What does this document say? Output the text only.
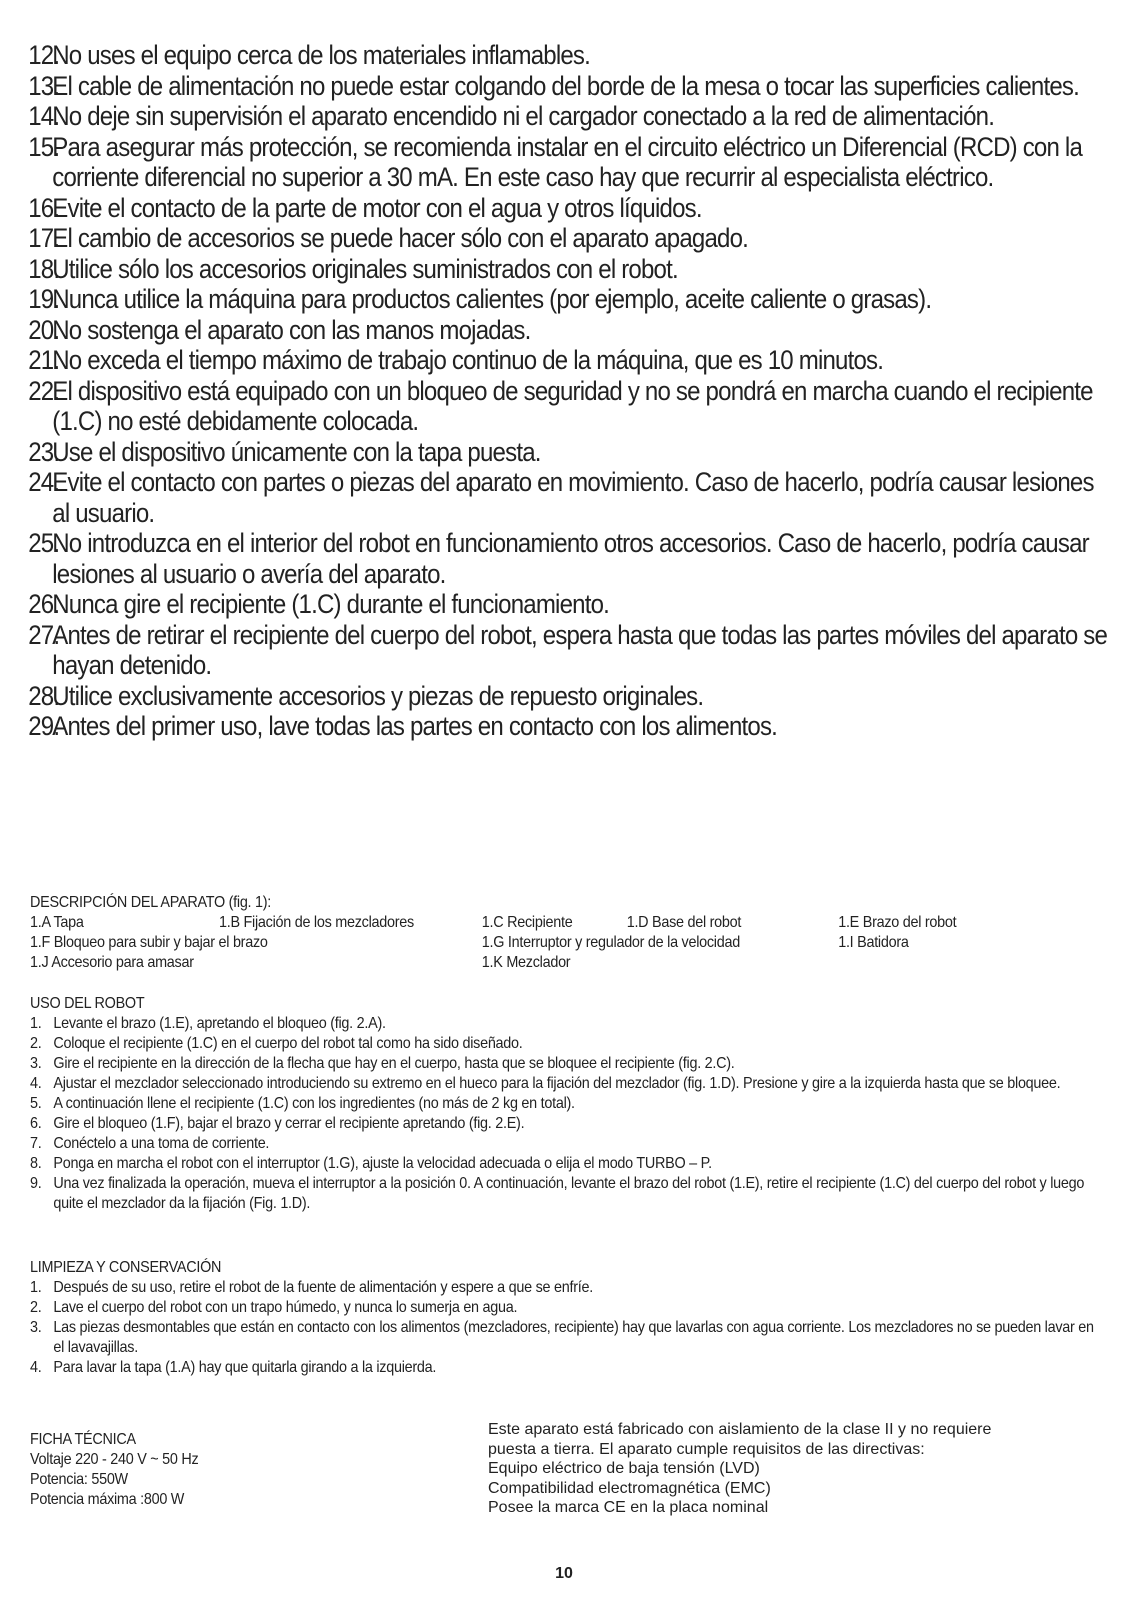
12.
No uses el equipo cerca de los materiales inflamables.
13.
El cable de alimentación no puede estar colgando del borde de la mesa o tocar las superficies calientes.
14.
No deje sin supervisión el aparato encendido ni el cargador conectado a la red de alimentación.
15.
Para asegurar más protección, se recomienda instalar en el circuito eléctrico un Diferencial (RCD) con la corriente diferencial no superior a 30 mA. En este caso hay que recurrir al especialista eléctrico.
16.
Evite el contacto de la parte de motor con el agua y otros líquidos.
17.
El cambio de accesorios se puede hacer sólo con el aparato apagado.
18.
Utilice sólo los accesorios originales suministrados con el robot.
19.
Nunca utilice la máquina para productos calientes (por ejemplo, aceite caliente o grasas).
20.
No sostenga el aparato con las manos mojadas.
21.
No exceda el tiempo máximo de trabajo continuo de la máquina, que es 10 minutos.
22.
El dispositivo está equipado con un bloqueo de seguridad y no se pondrá en marcha cuando el recipiente (1.C) no esté debidamente colocada.
23.
Use el dispositivo únicamente con la tapa puesta.
24.
Evite el contacto con partes o piezas del aparato en movimiento. Caso de hacerlo, podría causar lesiones al usuario.
25.
No introduzca en el interior del robot en funcionamiento otros accesorios. Caso de hacerlo, podría causar lesiones al usuario o avería del aparato.
26.
Nunca gire el recipiente (1.C) durante el funcionamiento.
27.
Antes de retirar el recipiente del cuerpo del robot, espera hasta que todas las partes móviles del aparato se hayan detenido.
28.
Utilice exclusivamente accesorios y piezas de repuesto originales.
29.
Antes del primer uso, lave todas las partes en contacto con los alimentos.
DESCRIPCIÓN DEL APARATO (fig. 1):
1.A Tapa	1.B Fijación de los mezcladores	1.C Recipiente	1.D Base del robot	1.E Brazo del robot
1.F Bloqueo para subir y bajar el brazo	1.G Interruptor y regulador de la velocidad	1.I Batidora
1.J Accesorio para amasar	1.K Mezclador
USO DEL ROBOT
1. Levante el brazo (1.E), apretando el bloqueo (fig. 2.A).
2. Coloque el recipiente (1.C) en el cuerpo del robot tal como ha sido diseñado.
3. Gire el recipiente en la dirección de la flecha que hay en el cuerpo, hasta que se bloquee el recipiente (fig. 2.C).
4. Ajustar el mezclador seleccionado introduciendo su extremo en el hueco para la fijación del mezclador (fig. 1.D). Presione y gire a la izquierda hasta que se bloquee.
5. A continuación llene el recipiente (1.C) con los ingredientes (no más de 2 kg en total).
6. Gire el bloqueo (1.F), bajar el brazo y cerrar el recipiente apretando (fig. 2.E).
7. Conéctelo a una toma de corriente.
8. Ponga en marcha el robot con el interruptor (1.G), ajuste la velocidad adecuada o elija el modo TURBO – P.
9. Una vez finalizada la operación, mueva el interruptor a la posición 0. A continuación, levante el brazo del robot (1.E), retire el recipiente (1.C) del cuerpo del robot y luego quite el mezclador da la fijación (Fig. 1.D).
LIMPIEZA Y CONSERVACIÓN
1. Después de su uso, retire el robot de la fuente de alimentación y espere a que se enfríe.
2. Lave el cuerpo del robot con un trapo húmedo, y nunca lo sumerja en agua.
3. Las piezas desmontables que están en contacto con los alimentos (mezcladores, recipiente) hay que lavarlas con agua corriente. Los mezcladores no se pueden lavar en el lavavajillas.
4. Para lavar la tapa (1.A) hay que quitarla girando a la izquierda.
FICHA TÉCNICA
Voltaje 220 - 240 V ~ 50 Hz
Potencia: 550W
Potencia máxima :800 W
Este aparato está fabricado con aislamiento de la clase II y no requiere
puesta a tierra. El aparato cumple requisitos de las directivas:
Equipo eléctrico de baja tensión (LVD)
Compatibilidad electromagnética (EMC)
Posee la marca CE en la placa nominal
10
